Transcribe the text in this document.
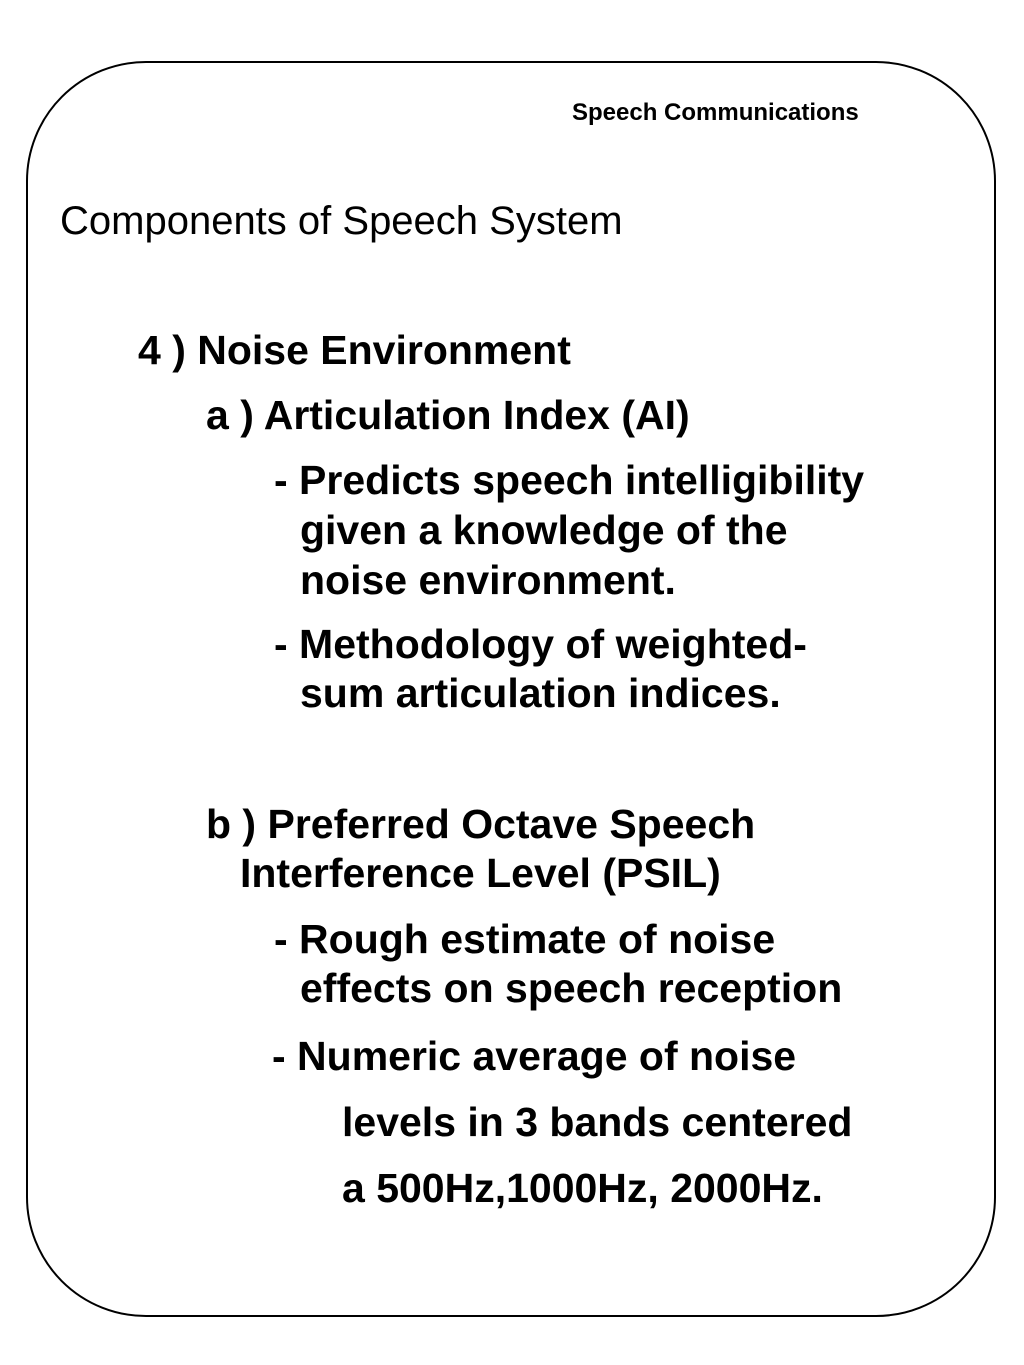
Speech Communications
Components of Speech System
4 ) Noise Environment
a ) Articulation Index (AI)
- Predicts speech intelligibility
given a knowledge of the
noise environment.
- Methodology of weighted-
sum articulation indices.
b ) Preferred Octave Speech
Interference Level (PSIL)
- Rough estimate of noise
effects on speech reception
- Numeric average of noise
levels in 3 bands centered
a 500Hz,1000Hz, 2000Hz.
